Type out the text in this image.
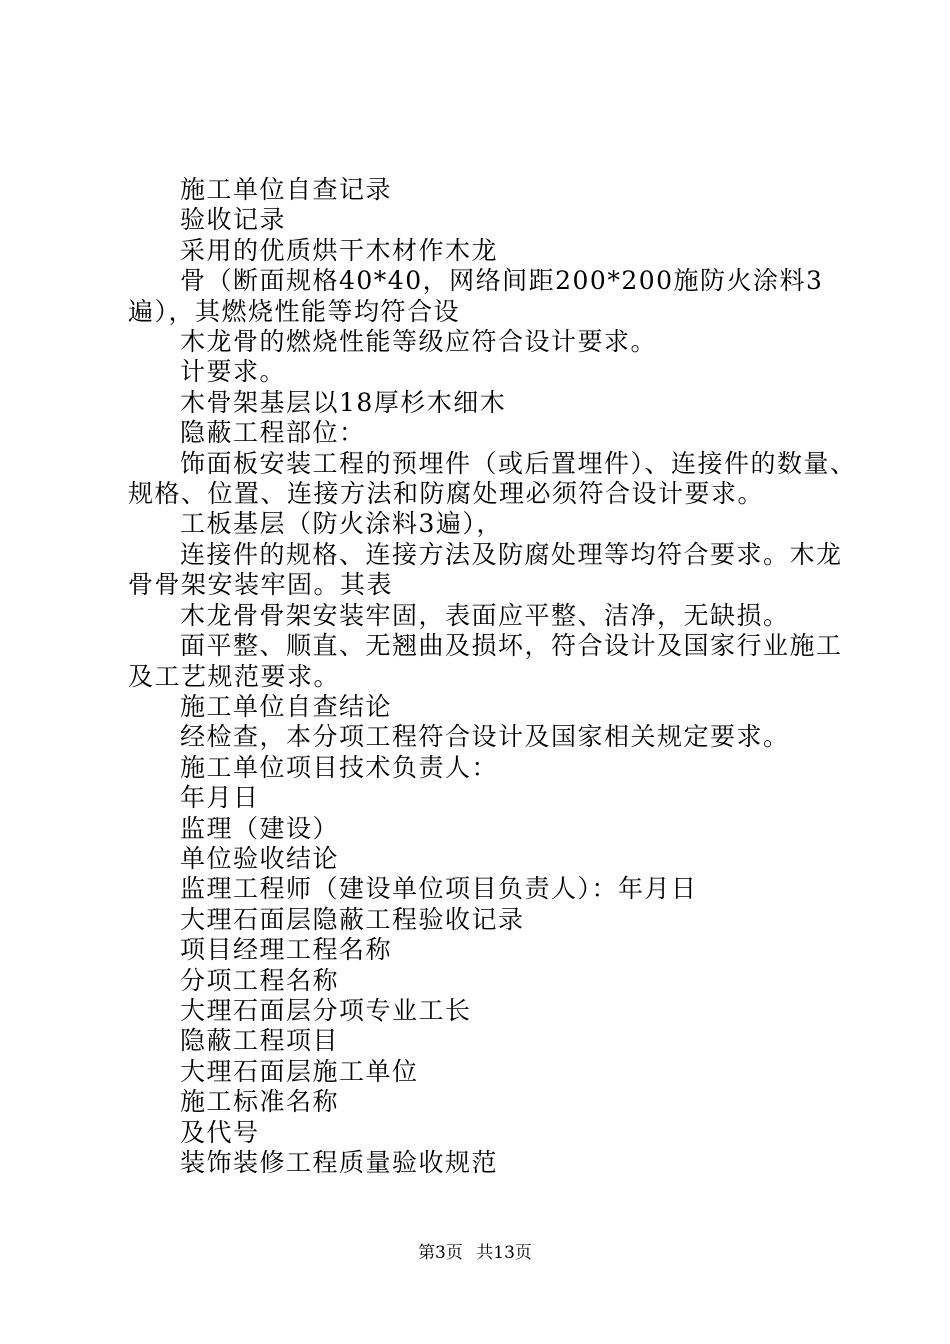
施工单位自查记录

验收记录

采用的优质烘干木材作木龙

骨（断面规格40*40，网络间距200*200施防火涂料3遍），其燃烧性能等均符合设

木龙骨的燃烧性能等级应符合设计要求。

计要求。

木骨架基层以18厚杉木细木

隐蔽工程部位：

饰面板安装工程的预埋件（或后置埋件）、连接件的数量、规格、位置、连接方法和防腐处理必须符合设计要求。

工板基层（防火涂料3遍），

连接件的规格、连接方法及防腐处理等均符合要求。木龙骨骨架安装牢固。其表

木龙骨骨架安装牢固，表面应平整、洁净，无缺损。

面平整、顺直、无翘曲及损坏，符合设计及国家行业施工及工艺规范要求。

施工单位自查结论

经检查，本分项工程符合设计及国家相关规定要求。

施工单位项目技术负责人：

年月日

监理（建设）

单位验收结论

监理工程师（建设单位项目负责人）：年月日

大理石面层隐蔽工程验收记录

项目经理工程名称

分项工程名称

大理石面层分项专业工长

隐蔽工程项目

大理石面层施工单位

施工标准名称

及代号

装饰装修工程质量验收规范

第3页 共13页
